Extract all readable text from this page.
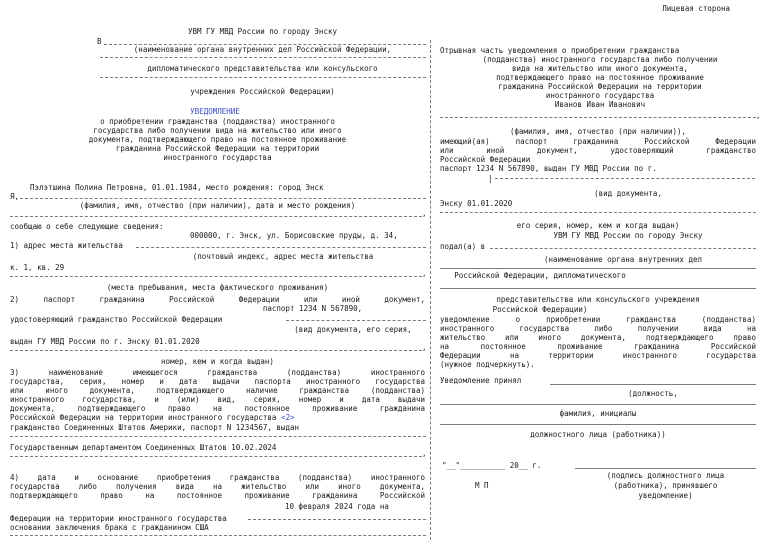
Лицевая сторона
УВМ ГУ МВД России по городу Энску
В
(наименование органа внутренних дел Российской Федерации,
дипломатического представительства или консульского
учреждения Российской Федерации)
УВЕДОМЛЕНИЕ
о приобретении гражданства (подданства) иностранного
государства либо получении вида на жительство или иного
документа, подтверждающего право на постоянное проживание
гражданина Российской Федерации на территории
иностранного государства
Пэлэтшина Полина Петровна, 01.01.1984, место рождения: город Энск
Я,
(фамилия, имя, отчество (при наличии), дата и место рождения)
,
сообщаю о себе следующие сведения:
000000, г. Энск, ул. Борисовские пруды, д. 34,
1) адрес места жительства
(почтовый индекс, адрес места жительства
к. 1, кв. 29
,
(места пребывания, места фактического проживания)
2) паспорт гражданина Российской Федерации или иной документ,
паспорт 1234 N 567890,
удостоверяющий гражданство Российской Федерации
(вид документа, его серия,
выдан ГУ МВД России по г. Энску 01.01.2020
,
номер, кем и когда выдан)
3) наименование имеющегося гражданства (подданства) иностранного
государства, серия, номер и дата выдачи паспорта иностранного государства
или иного документа, подтверждающего наличие гражданства (подданства)
иностранного государства, и (или) вид, серия, номер и дата выдачи
документа, подтверждающего право на постоянное проживание гражданина
Российской Федерации на территории иностранного государства <2>
гражданство Соединенных Штатов Америки, паспорт N 1234567, выдан
Государственным департаментом Соединенных Штатов 10.02.2024
,
4) дата и основание приобретения гражданства (подданства) иностранного
государства либо получения вида на жительство или иного документа,
подтверждающего право на постоянное проживание гражданина Российской
10 февраля 2024 года на
Федерации на территории иностранного государства
основании заключения брака с гражданином США
Отрывная часть уведомления о приобретении гражданства
(подданства) иностранного государства либо получении
вида на жительство или иного документа,
подтверждающего право на постоянное проживание
гражданина Российской Федерации на территории
иностранного государства
Иванов Иван Иванович
,
(фамилия, имя, отчество (при наличии)),
имеющий(ая) паспорт гражданина Российской Федерации
или иной документ, удостоверяющий гражданство
Российской Федерации
паспорт 1234 N 567890, выдан ГУ МВД России по г.
|
(вид документа,
Энску 01.01.2020
его серия, номер, кем и когда выдан)
УВМ ГУ МВД России по городу Энску
подал(а) в
(наименование органа внутренних дел
Российской Федерации, дипломатического
представительства или консульского учреждения
Российской Федерации)
уведомление о приобретении гражданства (подданства)
иностранного государства либо получении вида на
жительство или иного документа, подтверждающего право
на постоянное проживание гражданина Российской
Федерации на территории иностранного государства
(нужное подчеркнуть).
Уведомление принял
(должность,
фамилия, инициалы
должностного лица (работника))
"__"__________ 20__ г.
М П
(подпись должностного лица
(работника), принявшего
уведомление)
